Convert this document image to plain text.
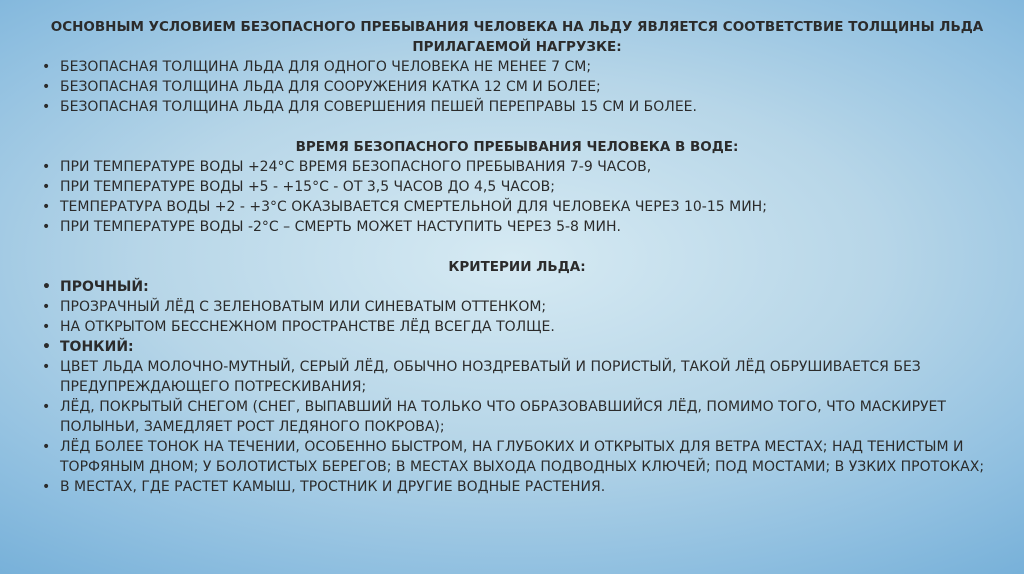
ОСНОВНЫМ УСЛОВИЕМ БЕЗОПАСНОГО ПРЕБЫВАНИЯ ЧЕЛОВЕКА НА ЛЬДУ ЯВЛЯЕТСЯ СООТВЕТСТВИЕ ТОЛЩИНЫ ЛЬДА ПРИЛАГАЕМОЙ НАГРУЗКЕ:
• БЕЗОПАСНАЯ ТОЛЩИНА ЛЬДА ДЛЯ ОДНОГО ЧЕЛОВЕКА НЕ МЕНЕЕ 7 СМ;
• БЕЗОПАСНАЯ ТОЛЩИНА ЛЬДА ДЛЯ СООРУЖЕНИЯ КАТКА 12 СМ И БОЛЕЕ;
• БЕЗОПАСНАЯ ТОЛЩИНА ЛЬДА ДЛЯ СОВЕРШЕНИЯ ПЕШЕЙ ПЕРЕПРАВЫ 15 СМ И БОЛЕЕ.
ВРЕМЯ БЕЗОПАСНОГО ПРЕБЫВАНИЯ ЧЕЛОВЕКА В ВОДЕ:
• ПРИ ТЕМПЕРАТУРЕ ВОДЫ +24°С ВРЕМЯ БЕЗОПАСНОГО ПРЕБЫВАНИЯ 7-9 ЧАСОВ,
• ПРИ ТЕМПЕРАТУРЕ ВОДЫ +5 - +15°С - ОТ 3,5 ЧАСОВ ДО 4,5 ЧАСОВ;
• ТЕМПЕРАТУРА ВОДЫ +2 - +3°С ОКАЗЫВАЕТСЯ СМЕРТЕЛЬНОЙ ДЛЯ ЧЕЛОВЕКА ЧЕРЕЗ 10-15 МИН;
• ПРИ ТЕМПЕРАТУРЕ ВОДЫ -2°С – СМЕРТЬ МОЖЕТ НАСТУПИТЬ ЧЕРЕЗ 5-8 МИН.
КРИТЕРИИ ЛЬДА:
• ПРОЧНЫЙ:
• ПРОЗРАЧНЫЙ ЛЁД С ЗЕЛЕНОВАТЫМ ИЛИ СИНЕВАТЫМ ОТТЕНКОМ;
• НА ОТКРЫТОМ БЕССНЕЖНОМ ПРОСТРАНСТВЕ ЛЁД ВСЕГДА ТОЛЩЕ.
• ТОНКИЙ:
• ЦВЕТ ЛЬДА МОЛОЧНО-МУТНЫЙ, СЕРЫЙ ЛЁД, ОБЫЧНО НОЗДРЕВАТЫЙ И ПОРИСТЫЙ, ТАКОЙ ЛЁД ОБРУШИВАЕТСЯ БЕЗ ПРЕДУПРЕЖДАЮЩЕГО ПОТРЕСКИВАНИЯ;
• ЛЁД, ПОКРЫТЫЙ СНЕГОМ (СНЕГ, ВЫПАВШИЙ НА ТОЛЬКО ЧТО ОБРАЗОВАВШИЙСЯ ЛЁД, ПОМИМО ТОГО, ЧТО МАСКИРУЕТ ПОЛЫНЬИ, ЗАМЕДЛЯЕТ РОСТ ЛЕДЯНОГО ПОКРОВА);
• ЛЁД БОЛЕЕ ТОНОК НА ТЕЧЕНИИ, ОСОБЕННО БЫСТРОМ, НА ГЛУБОКИХ И ОТКРЫТЫХ ДЛЯ ВЕТРА МЕСТАХ; НАД ТЕНИСТЫМ И ТОРФЯНЫМ ДНОМ; У БОЛОТИСТЫХ БЕРЕГОВ; В МЕСТАХ ВЫХОДА ПОДВОДНЫХ КЛЮЧЕЙ; ПОД МОСТАМИ; В УЗКИХ ПРОТОКАХ;
• В МЕСТАХ, ГДЕ РАСТЕТ КАМЫШ, ТРОСТНИК И ДРУГИЕ ВОДНЫЕ РАСТЕНИЯ.
